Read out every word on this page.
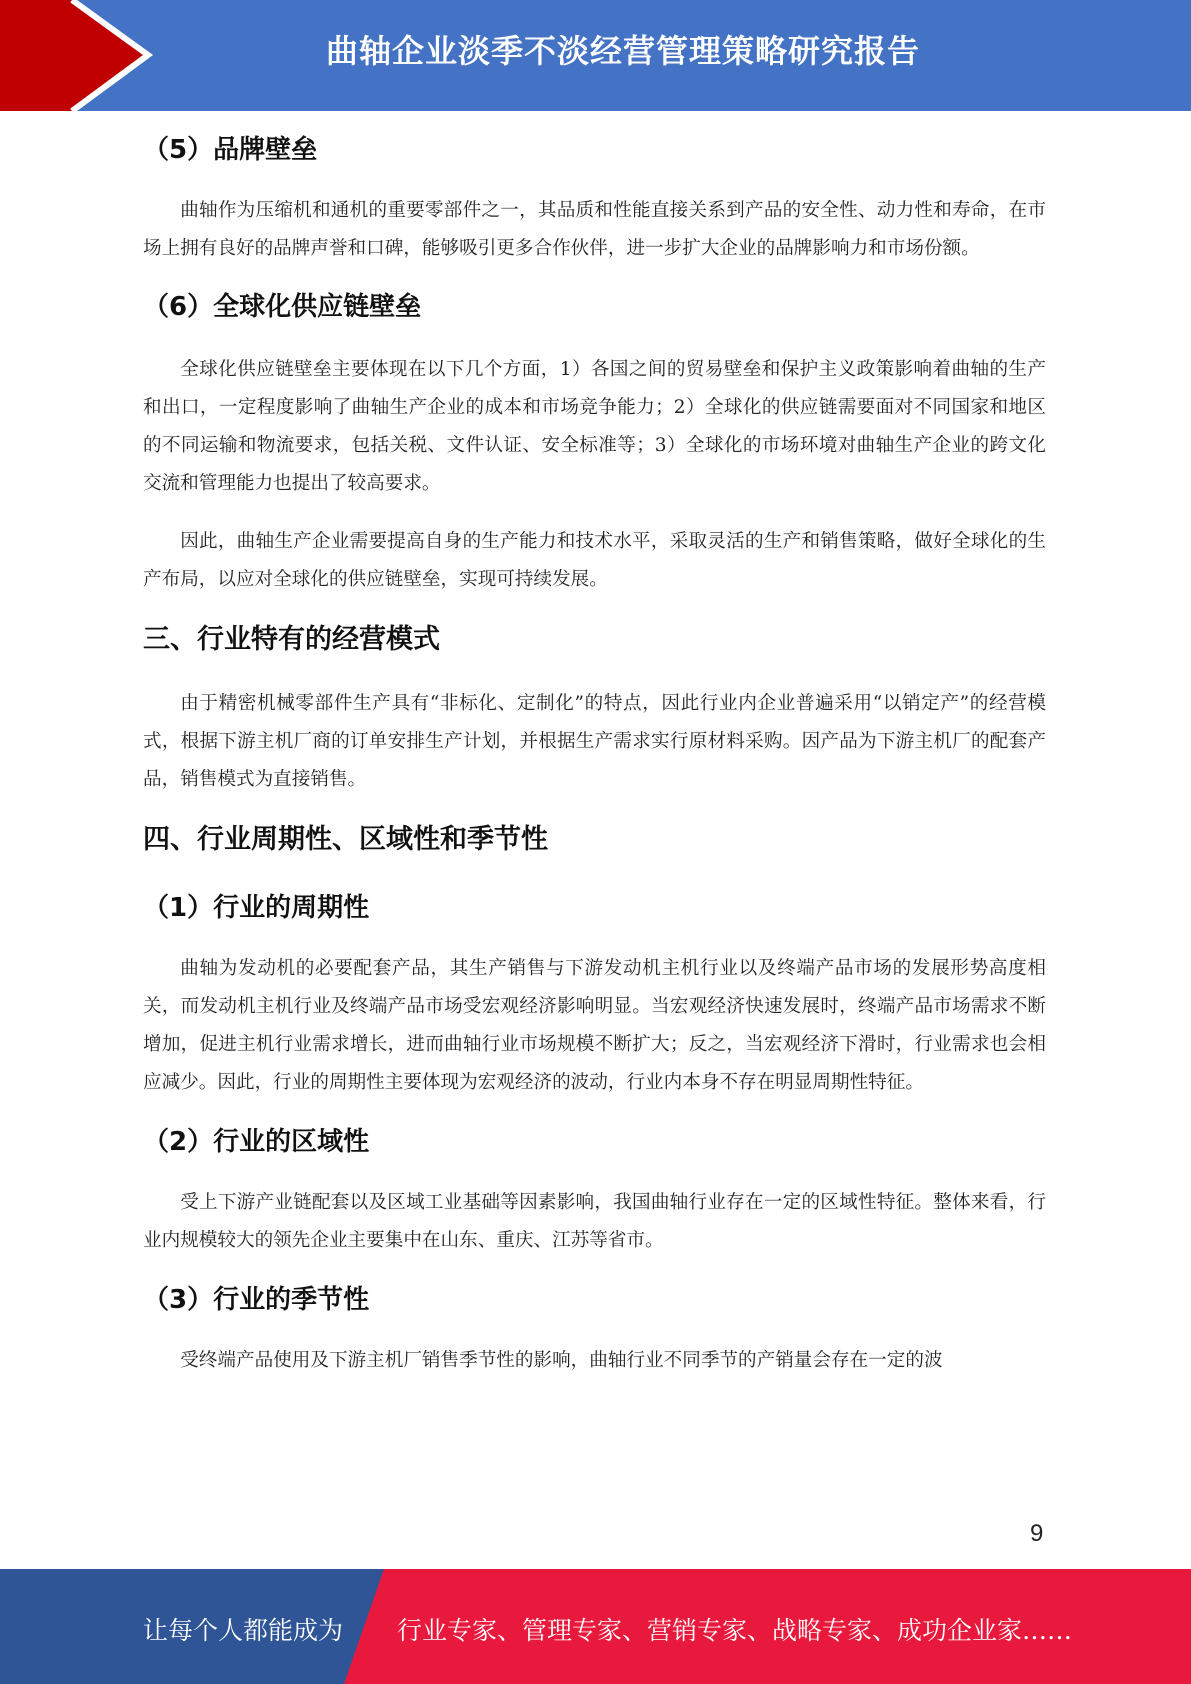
曲轴企业淡季不淡经营管理策略研究报告
（5）品牌壁垒

曲轴作为压缩机和通机的重要零部件之一，其品质和性能直接关系到产品的安全性、动力性和寿命，在市场上拥有良好的品牌声誉和口碑，能够吸引更多合作伙伴，进一步扩大企业的品牌影响力和市场份额。

（6）全球化供应链壁垒

全球化供应链壁垒主要体现在以下几个方面，1）各国之间的贸易壁垒和保护主义政策影响着曲轴的生产和出口，一定程度影响了曲轴生产企业的成本和市场竞争能力；2）全球化的供应链需要面对不同国家和地区的不同运输和物流要求，包括关税、文件认证、安全标准等；3）全球化的市场环境对曲轴生产企业的跨文化交流和管理能力也提出了较高要求。

因此，曲轴生产企业需要提高自身的生产能力和技术水平，采取灵活的生产和销售策略，做好全球化的生产布局，以应对全球化的供应链壁垒，实现可持续发展。

三、行业特有的经营模式

由于精密机械零部件生产具有“非标化、定制化”的特点，因此行业内企业普遍采用“以销定产”的经营模式，根据下游主机厂商的订单安排生产计划，并根据生产需求实行原材料采购。因产品为下游主机厂的配套产品，销售模式为直接销售。

四、行业周期性、区域性和季节性
（1）行业的周期性

曲轴为发动机的必要配套产品，其生产销售与下游发动机主机行业以及终端产品市场的发展形势高度相关，而发动机主机行业及终端产品市场受宏观经济影响明显。当宏观经济快速发展时，终端产品市场需求不断增加，促进主机行业需求增长，进而曲轴行业市场规模不断扩大；反之，当宏观经济下滑时，行业需求也会相应减少。因此，行业的周期性主要体现为宏观经济的波动，行业内本身不存在明显周期性特征。

（2）行业的区域性

受上下游产业链配套以及区域工业基础等因素影响，我国曲轴行业存在一定的区域性特征。整体来看，行业内规模较大的领先企业主要集中在山东、重庆、江苏等省市。

（3）行业的季节性

受终端产品使用及下游主机厂销售季节性的影响，曲轴行业不同季节的产销量会存在一定的波

9
让每个人都能成为 行业专家、管理专家、营销专家、战略专家、成功企业家……
